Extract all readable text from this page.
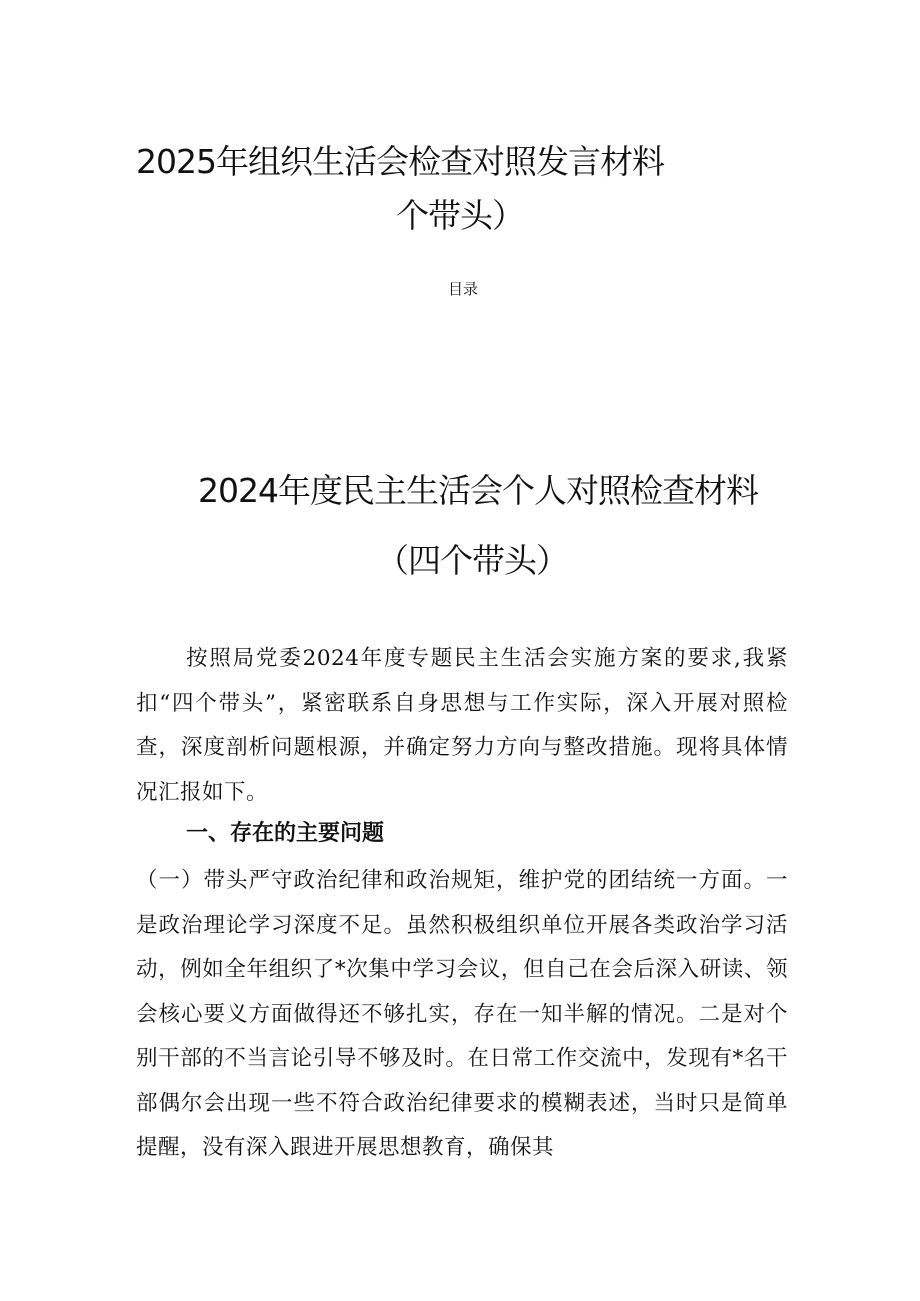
2025年组织生活会检查对照发言材料
个带头）

目录

2024年度民主生活会个人对照检查材料
（四个带头）

按照局党委2024年度专题民主生活会实施方案的要求,我紧扣“四个带头”，紧密联系自身思想与工作实际，深入开展对照检查，深度剖析问题根源，并确定努力方向与整改措施。现将具体情况汇报如下。

一、存在的主要问题

（一）带头严守政治纪律和政治规矩，维护党的团结统一方面。一是政治理论学习深度不足。虽然积极组织单位开展各类政治学习活动，例如全年组织了*次集中学习会议，但自己在会后深入研读、领会核心要义方面做得还不够扎实，存在一知半解的情况。二是对个别干部的不当言论引导不够及时。在日常工作交流中，发现有*名干部偶尔会出现一些不符合政治纪律要求的模糊表述，当时只是简单提醒，没有深入跟进开展思想教育，确保其
